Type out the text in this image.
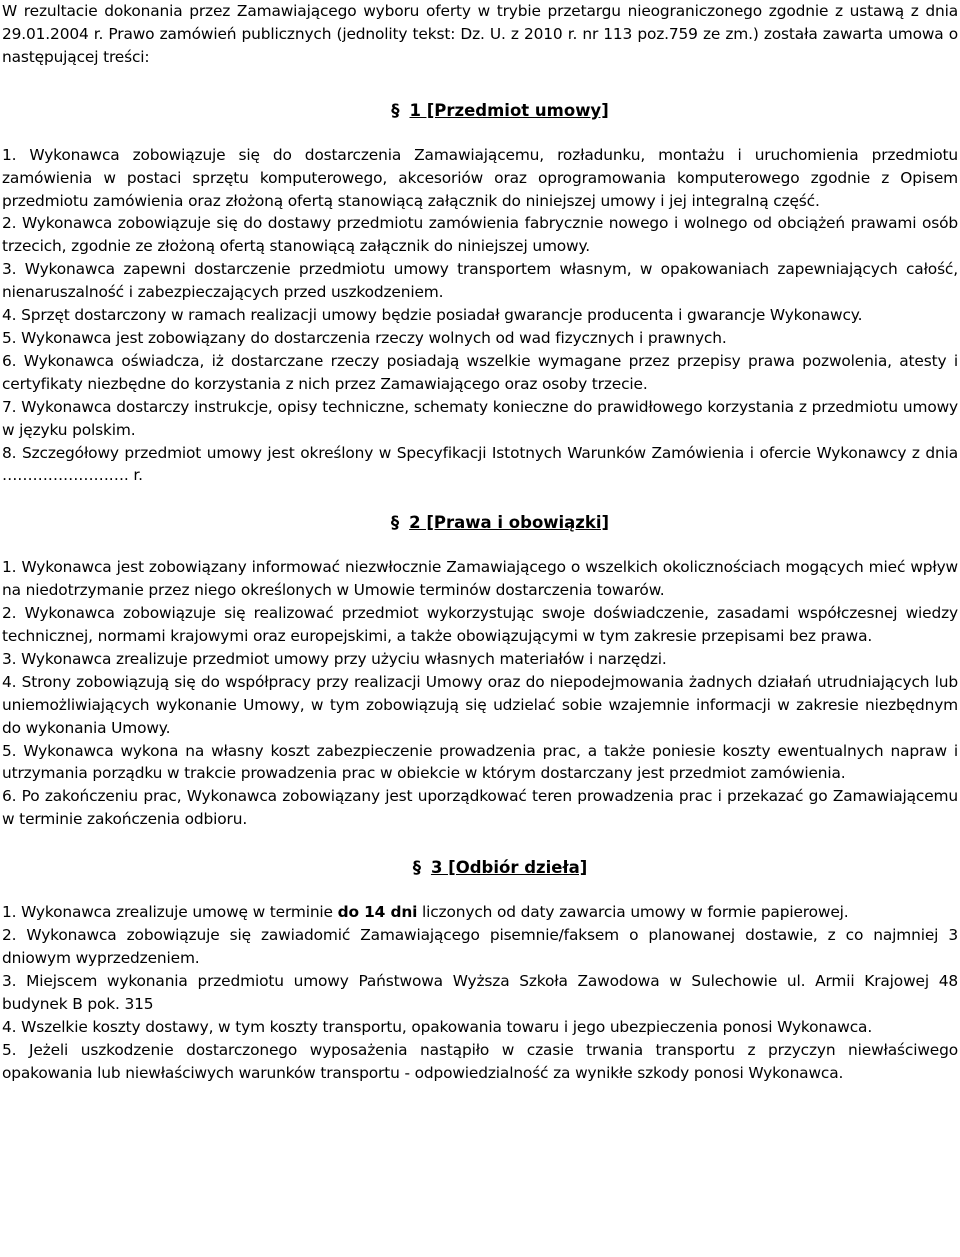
W rezultacie dokonania przez Zamawiającego wyboru oferty w trybie przetargu nieograniczonego zgodnie z ustawą z dnia 29.01.2004 r. Prawo zamówień publicznych (jednolity tekst: Dz. U. z 2010 r. nr 113 poz.759 ze zm.) została zawarta umowa o następującej treści:

§ 1 [Przedmiot umowy]

1. Wykonawca zobowiązuje się do dostarczenia Zamawiającemu, rozładunku, montażu i uruchomienia przedmiotu zamówienia w postaci sprzętu komputerowego, akcesoriów oraz oprogramowania komputerowego zgodnie z Opisem przedmiotu zamówienia oraz złożoną ofertą stanowiącą załącznik do niniejszej umowy i jej integralną część.

2. Wykonawca zobowiązuje się do dostawy przedmiotu zamówienia fabrycznie nowego i wolnego od obciążeń prawami osób trzecich, zgodnie ze złożoną ofertą stanowiącą załącznik do niniejszej umowy.

3. Wykonawca zapewni dostarczenie przedmiotu umowy transportem własnym, w opakowaniach zapewniających całość, nienaruszalność i zabezpieczających przed uszkodzeniem.

4. Sprzęt dostarczony w ramach realizacji umowy będzie posiadał gwarancje producenta i gwarancje Wykonawcy.

5. Wykonawca jest zobowiązany do dostarczenia rzeczy wolnych od wad fizycznych i prawnych.

6. Wykonawca oświadcza, iż dostarczane rzeczy posiadają wszelkie wymagane przez przepisy prawa pozwolenia, atesty i certyfikaty niezbędne do korzystania z nich przez Zamawiającego oraz osoby trzecie.

7. Wykonawca dostarczy instrukcje, opisy techniczne, schematy konieczne do prawidłowego korzystania z przedmiotu umowy w języku polskim.

8. Szczegółowy przedmiot umowy jest określony w Specyfikacji Istotnych Warunków Zamówienia i ofercie Wykonawcy z dnia ……………………. r.

§ 2 [Prawa i obowiązki]

1. Wykonawca jest zobowiązany informować niezwłocznie Zamawiającego o wszelkich okolicznościach mogących mieć wpływ na niedotrzymanie przez niego określonych w Umowie terminów dostarczenia towarów.

2. Wykonawca zobowiązuje się realizować przedmiot wykorzystując swoje doświadczenie, zasadami współczesnej wiedzy technicznej, normami krajowymi oraz europejskimi, a także obowiązującymi w tym zakresie przepisami bez prawa.

3. Wykonawca zrealizuje przedmiot umowy przy użyciu własnych materiałów i narzędzi.

4. Strony zobowiązują się do współpracy przy realizacji Umowy oraz do niepodejmowania żadnych działań utrudniających lub uniemożliwiających wykonanie Umowy, w tym zobowiązują się udzielać sobie wzajemnie informacji w zakresie niezbędnym do wykonania Umowy.

5. Wykonawca wykona na własny koszt zabezpieczenie prowadzenia prac, a także poniesie koszty ewentualnych napraw i utrzymania porządku w trakcie prowadzenia prac w obiekcie w którym dostarczany jest przedmiot zamówienia.

6. Po zakończeniu prac, Wykonawca zobowiązany jest uporządkować teren prowadzenia prac i przekazać go Zamawiającemu w terminie zakończenia odbioru.

§ 3 [Odbiór dzieła]

1. Wykonawca zrealizuje umowę w terminie do 14 dni liczonych od daty zawarcia umowy w formie papierowej.

2. Wykonawca zobowiązuje się zawiadomić Zamawiającego pisemnie/faksem o planowanej dostawie, z co najmniej 3 dniowym wyprzedzeniem.

3. Miejscem wykonania przedmiotu umowy Państwowa Wyższa Szkoła Zawodowa w Sulechowie ul. Armii Krajowej 48 budynek B pok. 315

4. Wszelkie koszty dostawy, w tym koszty transportu, opakowania towaru i jego ubezpieczenia ponosi Wykonawca.

5. Jeżeli uszkodzenie dostarczonego wyposażenia nastąpiło w czasie trwania transportu z przyczyn niewłaściwego opakowania lub niewłaściwych warunków transportu - odpowiedzialność za wynikłe szkody ponosi Wykonawca.
